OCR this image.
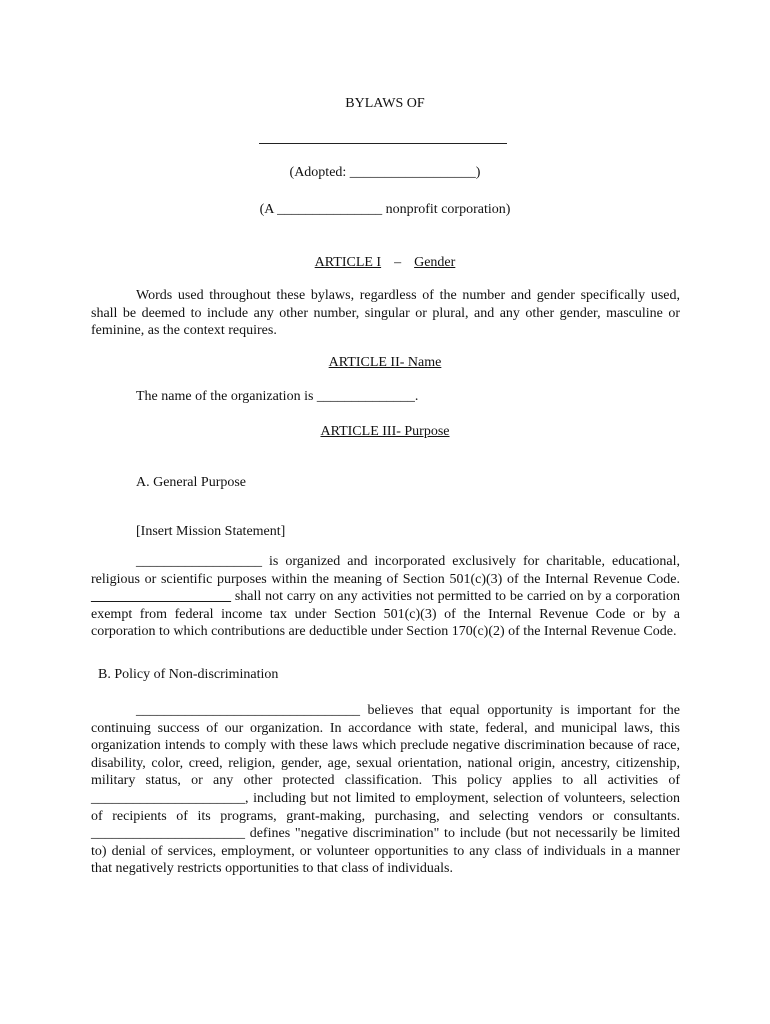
BYLAWS OF
(Adopted: __________________)
(A _______________ nonprofit corporation)
ARTICLE I – Gender
Words used throughout these bylaws, regardless of the number and gender specifically used, shall be deemed to include any other number, singular or plural, and any other gender, masculine or feminine, as the context requires.
ARTICLE II- Name
The name of the organization is ______________.
ARTICLE III- Purpose
A. General Purpose
[Insert Mission Statement]
__________________ is organized and incorporated exclusively for charitable, educational, religious or scientific purposes within the meaning of Section 501(c)(3) of the Internal Revenue Code. ____________________ shall not carry on any activities not permitted to be carried on by a corporation exempt from federal income tax under Section 501(c)(3) of the Internal Revenue Code or by a corporation to which contributions are deductible under Section 170(c)(2) of the Internal Revenue Code.
B. Policy of Non-discrimination
________________________________ believes that equal opportunity is important for the continuing success of our organization. In accordance with state, federal, and municipal laws, this organization intends to comply with these laws which preclude negative discrimination because of race, disability, color, creed, religion, gender, age, sexual orientation, national origin, ancestry, citizenship, military status, or any other protected classification. This policy applies to all activities of ______________________, including but not limited to employment, selection of volunteers, selection of recipients of its programs, grant-making, purchasing, and selecting vendors or consultants. ______________________ defines "negative discrimination" to include (but not necessarily be limited to) denial of services, employment, or volunteer opportunities to any class of individuals in a manner that negatively restricts opportunities to that class of individuals.
